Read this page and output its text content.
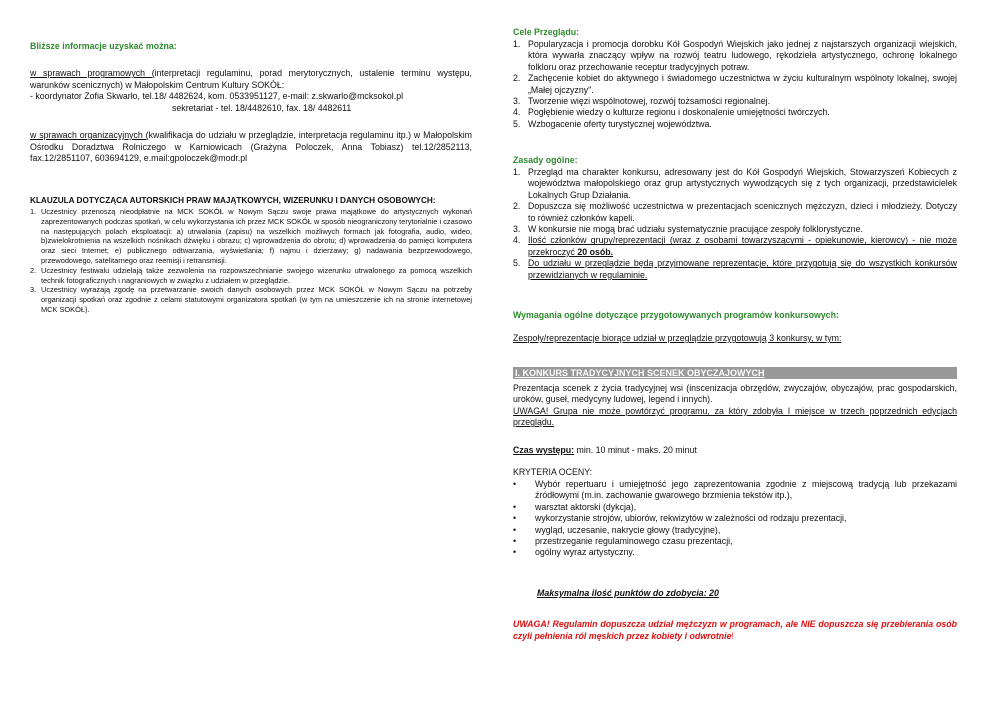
Bliższe informacje uzyskać można:

w sprawach programowych (interpretacji regulaminu, porad merytorycznych, ustalenie terminu występu, warunków scenicznych) w Małopolskim Centrum Kultury SOKÓŁ:

- koordynator Zofia Skwarło, tel.18/ 4482624, kom. 0533951127, e-mail: z.skwarlo@mcksokol.pl

sekretariat - tel. 18/4482610, fax. 18/ 4482611

w sprawach organizacyjnych (kwalifikacja do udziału w przeglądzie, interpretacja regulaminu itp.) w Małopolskim Ośrodku Doradztwa Rolniczego w Karniowicach (Grażyna Poloczek, Anna Tobiasz) tel.12/2852113, fax.12/2851107, 603694129, e.mail:gpoloczek@modr.pl

KLAUZULA DOTYCZĄCA AUTORSKICH PRAW MAJĄTKOWYCH, WIZERUNKU I DANYCH OSOBOWYCH:

1. Uczestnicy przenoszą nieodpłatnie na MCK SOKÓŁ w Nowym Sączu swoje prawa majątkowe do artystycznych wykonań zaprezentowanych podczas spotkań, w celu wykorzystania ich przez MCK SOKÓŁ w sposób nieograniczony terytorialnie i czasowo na następujących polach eksploatacji: a) utrwalania (zapisu) na wszelkich możliwych formach jak fotografia, audio, wideo, b)zwielokrotnienia na wszelkich nośnikach dźwięku i obrazu; c) wprowadzenia do obrotu; d) wprowadzenia do pamięci komputera oraz sieci Internet; e) publicznego odtwarzania, wyświetlania; f) najmu i dzierżawy; g) nadawania bezprzewodowego, przewodowego, satelitarnego oraz reemisji i retransmisji.
2. Uczestnicy festiwalu udzielają także zezwolenia na rozpowszechnianie swojego wizerunku utrwalonego za pomocą wszelkich technik fotograficznych i nagraniowych w związku z udziałem w przeglądzie.
3. Uczestnicy wyrażają zgodę na przetwarzanie swoich danych osobowych przez MCK SOKÓŁ w Nowym Sączu na potrzeby organizacji spotkań oraz zgodnie z celami statutowymi organizatora spotkań (w tym na umieszczenie ich na stronie internetowej MCK SOKÓŁ).

Cele Przeglądu:

1. Popularyzacja i promocja dorobku Kół Gospodyń Wiejskich jako jednej z najstarszych organizacji wiejskich, która wywarła znaczący wpływ na rozwój teatru ludowego, rękodzieła artystycznego, ochronę lokalnego folkloru oraz przechowanie receptur tradycyjnych potraw.
2. Zachęcenie kobiet do aktywnego i świadomego uczestnictwa w życiu kulturalnym wspólnoty lokalnej, swojej „Małej ojczyzny".
3. Tworzenie więzi wspólnotowej, rozwój tożsamości regionalnej.
4. Pogłębienie wiedzy o kulturze regionu i doskonalenie umiejętności twórczych.
5. Wzbogacenie oferty turystycznej województwa.

Zasady ogólne:

1. Przegląd ma charakter konkursu, adresowany jest do Kół Gospodyń Wiejskich, Stowarzyszeń Kobiecych z województwa małopolskiego oraz grup artystycznych wywodzących się z tych organizacji, przedstawicielek Lokalnych Grup Działania.
2. Dopuszcza się możliwość uczestnictwa w prezentacjach scenicznych mężczyzn, dzieci i młodzieży. Dotyczy to również członków kapeli.
3. W konkursie nie mogą brać udziału systematycznie pracujące zespoły folklorystyczne.
4. Ilość członków grupy/reprezentacji (wraz z osobami towarzyszącymi - opiekunowie, kierowcy) - nie może przekroczyć 20 osób.
5. Do udziału w przeglądzie będą przyjmowane reprezentacje, które przygotują się do wszystkich konkursów przewidzianych w regulaminie.

Wymagania ogólne dotyczące przygotowywanych programów konkursowych:

Zespoły/reprezentacje biorące udział w przeglądzie przygotowują 3 konkursy, w tym:

I. KONKURS TRADYCYJNYCH SCENEK OBYCZAJOWYCH

Prezentacja scenek z życia tradycyjnej wsi (inscenizacja obrzędów, zwyczajów, obyczajów, prac gospodarskich, uroków, guseł, medycyny ludowej, legend i innych).

UWAGA! Grupa nie może powtórzyć programu, za który zdobyła I miejsce w trzech poprzednich edycjach przeglądu.

Czas występu: min. 10 minut - maks. 20 minut

KRYTERIA OCENY:

•	Wybór repertuaru i umiejętność jego zaprezentowania zgodnie z miejscową tradycją lub przekazami źródłowymi (m.in. zachowanie gwarowego brzmienia tekstów itp.),
•	warsztat aktorski (dykcja),
•	wykorzystanie strojów, ubiorów, rekwizytów w zależności od rodzaju prezentacji,
•	wygląd, uczesanie, nakrycie głowy (tradycyjne),
•	przestrzeganie regulaminowego czasu prezentacji,
•	ogólny wyraz artystyczny.

Maksymalna ilość punktów do zdobycia: 20

UWAGA! Regulamin dopuszcza udział mężczyzn w programach, ale NIE dopuszcza się przebierania osób czyli pełnienia ról męskich przez kobiety i odwrotnie!
